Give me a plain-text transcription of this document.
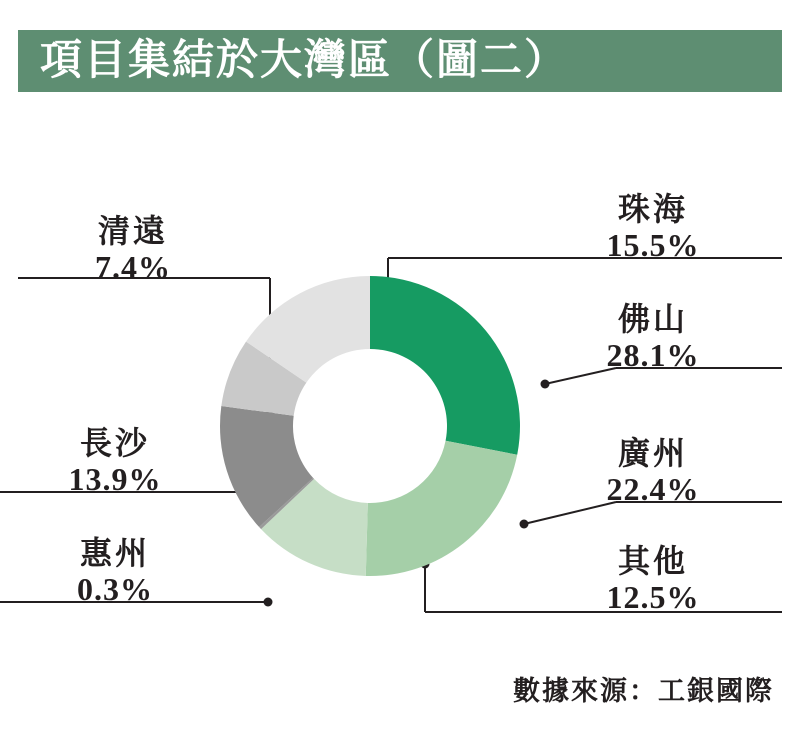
項目集結於大灣區（圖二）
珠海
15.5%
佛山
28.1%
廣州
22.4%
其他
12.5%
清遠
7.4%
長沙
13.9%
惠州
0.3%
數據來源：工銀國際
